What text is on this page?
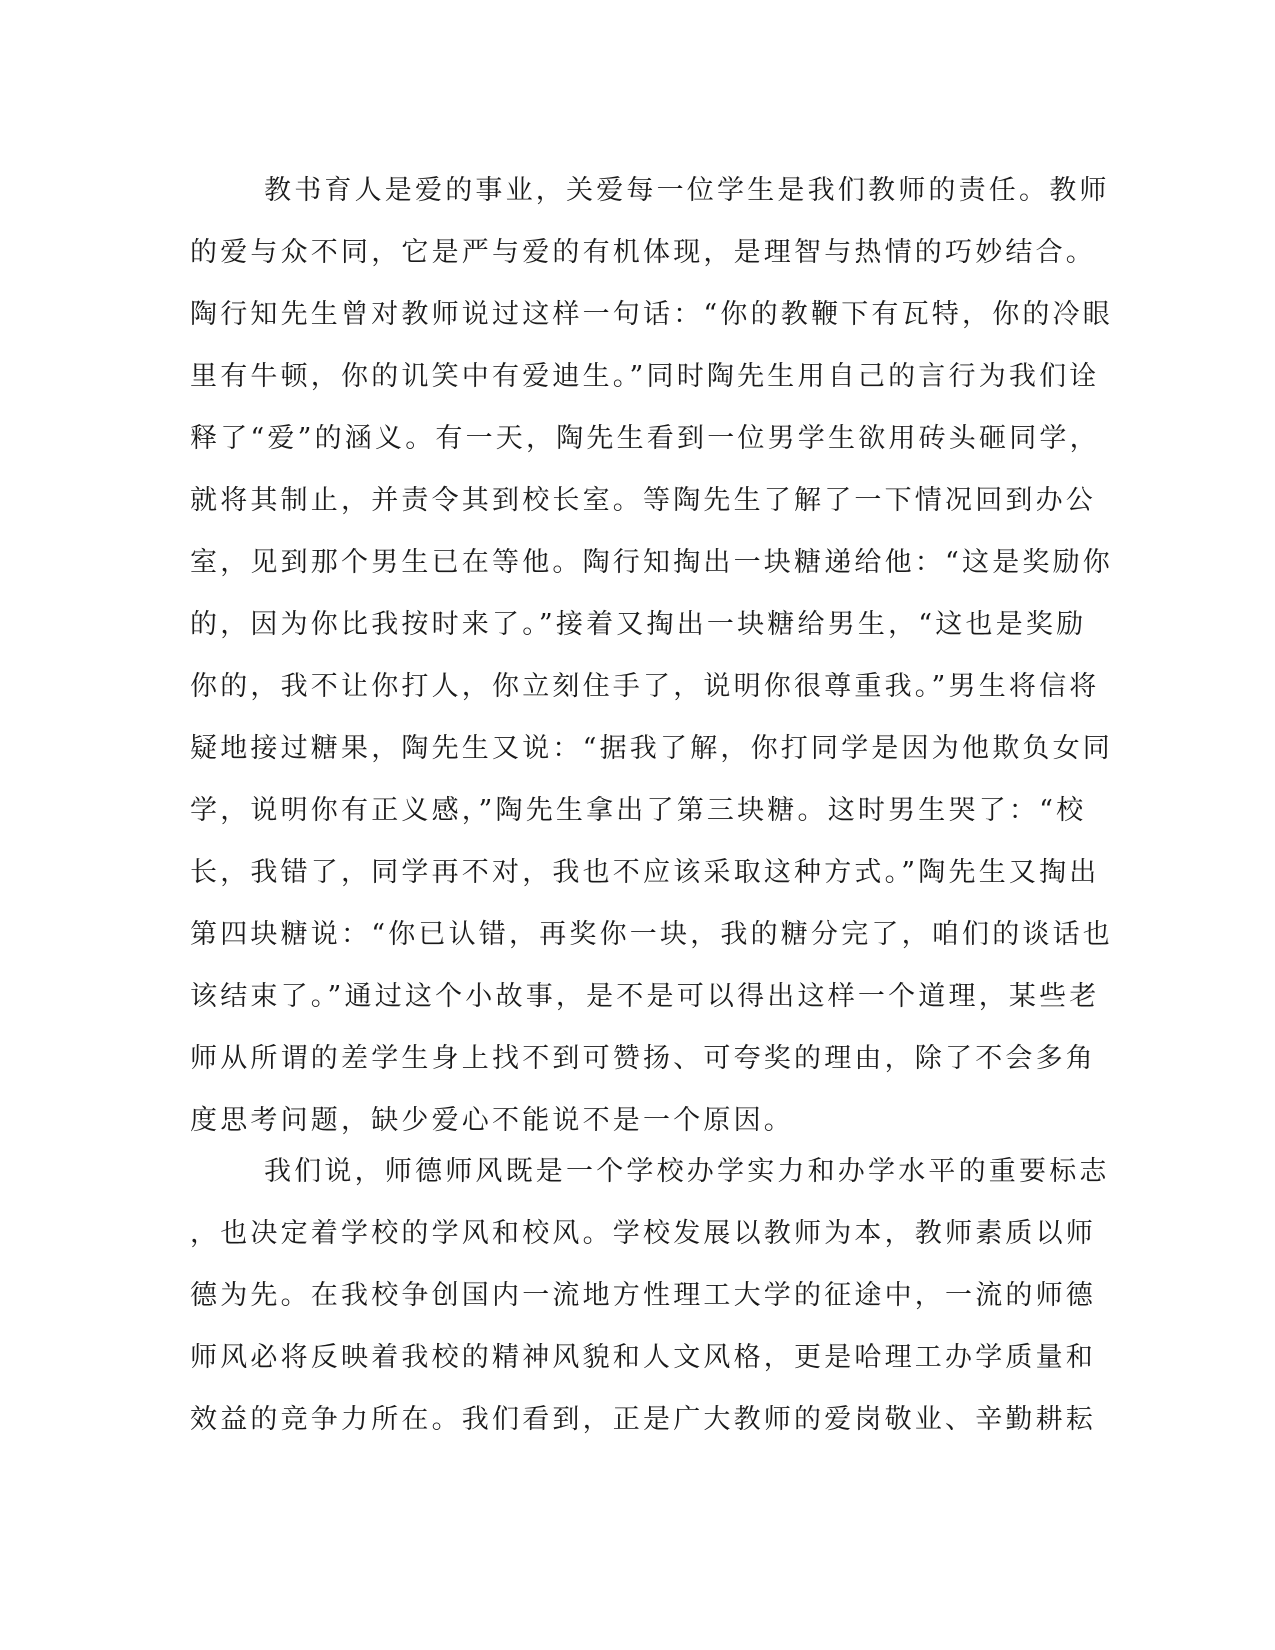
教书育人是爱的事业，关爱每一位学生是我们教师的责任。教师
的爱与众不同，它是严与爱的有机体现，是理智与热情的巧妙结合。
陶行知先生曾对教师说过这样一句话：“你的教鞭下有瓦特，你的冷眼
里有牛顿，你的讥笑中有爱迪生。”同时陶先生用自己的言行为我们诠
释了“爱”的涵义。有一天，陶先生看到一位男学生欲用砖头砸同学，
就将其制止，并责令其到校长室。等陶先生了解了一下情况回到办公
室，见到那个男生已在等他。陶行知掏出一块糖递给他：“这是奖励你
的，因为你比我按时来了。”接着又掏出一块糖给男生，“这也是奖励
你的，我不让你打人，你立刻住手了，说明你很尊重我。”男生将信将
疑地接过糖果，陶先生又说：“据我了解，你打同学是因为他欺负女同
学，说明你有正义感，”陶先生拿出了第三块糖。这时男生哭了：“校
长，我错了，同学再不对，我也不应该采取这种方式。”陶先生又掏出
第四块糖说：“你已认错，再奖你一块，我的糖分完了，咱们的谈话也
该结束了。”通过这个小故事，是不是可以得出这样一个道理，某些老
师从所谓的差学生身上找不到可赞扬、可夸奖的理由，除了不会多角
度思考问题，缺少爱心不能说不是一个原因。
我们说，师德师风既是一个学校办学实力和办学水平的重要标志
，也决定着学校的学风和校风。学校发展以教师为本，教师素质以师
德为先。在我校争创国内一流地方性理工大学的征途中，一流的师德
师风必将反映着我校的精神风貌和人文风格，更是哈理工办学质量和
效益的竞争力所在。我们看到，正是广大教师的爱岗敬业、辛勤耕耘
